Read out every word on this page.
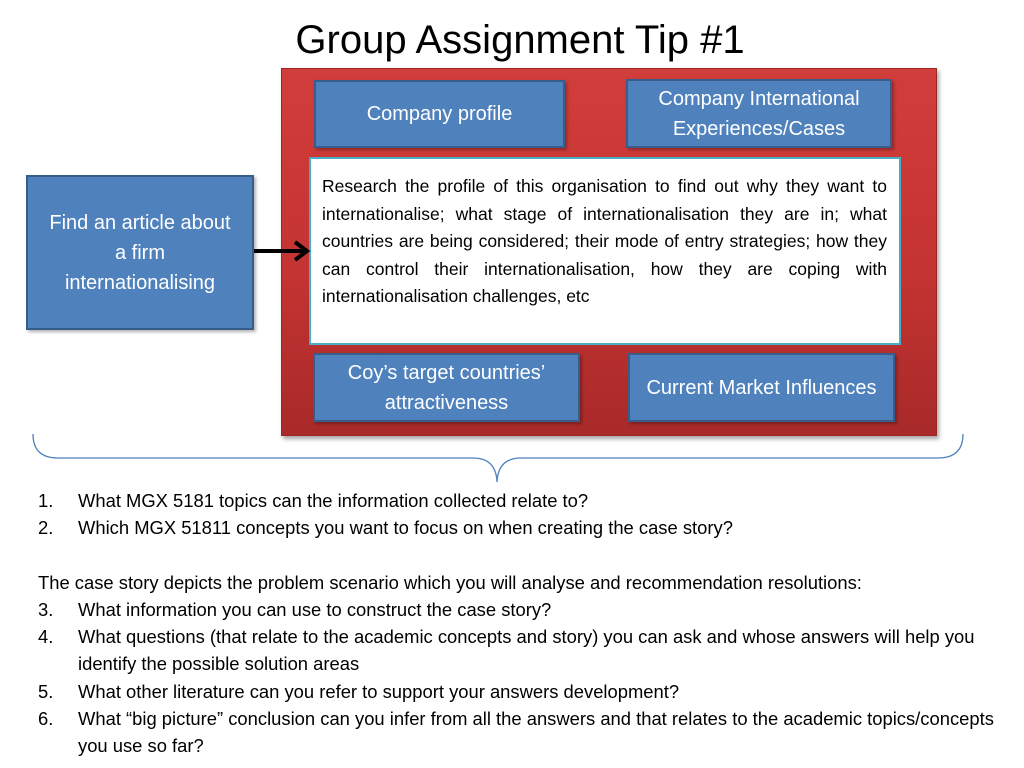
Group Assignment Tip #1
Company profile
Company International Experiences/Cases
Research the profile of this organisation to find out why they want to internationalise; what stage of internationalisation they are in; what countries are being considered; their mode of entry strategies; how they can control their internationalisation, how they are coping with internationalisation challenges, etc
Coy’s target countries’ attractiveness
Current Market Influences
Find an article about a firm internationalising
1.	What MGX 5181 topics can the information collected relate to?
2.	Which MGX 51811 concepts you want to focus on when creating the case story?
The case story depicts the problem scenario which you will analyse and recommendation resolutions:
3.	What information you can use to construct the case story?
4.	What questions (that relate to the academic concepts and story) you can ask and whose answers will help you identify the possible solution areas
5.	What other literature can you refer to support your answers development?
6.	What “big picture” conclusion can you infer from all the answers and that relates to the academic topics/concepts you use so far?
